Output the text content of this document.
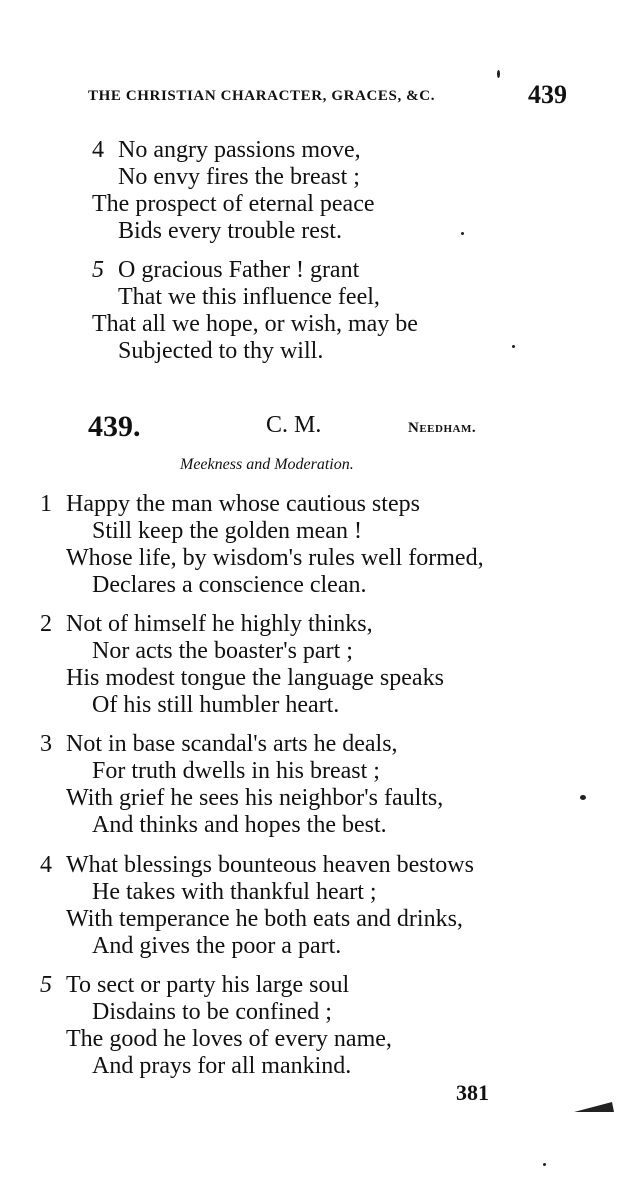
THE CHRISTIAN CHARACTER, GRACES, &C.	439
4 No angry passions move,
No envy fires the breast ;
The prospect of eternal peace
Bids every trouble rest.
5 O gracious Father ! grant
That we this influence feel,
That all we hope, or wish, may be
Subjected to thy will.
439.	C. M.	Needham.
Meekness and Moderation.
1 Happy the man whose cautious steps
Still keep the golden mean !
Whose life, by wisdom's rules well formed,
Declares a conscience clean.
2 Not of himself he highly thinks,
Nor acts the boaster's part ;
His modest tongue the language speaks
Of his still humbler heart.
3 Not in base scandal's arts he deals,
For truth dwells in his breast ;
With grief he sees his neighbor's faults,
And thinks and hopes the best.
4 What blessings bounteous heaven bestows
He takes with thankful heart ;
With temperance he both eats and drinks,
And gives the poor a part.
5 To sect or party his large soul
Disdains to be confined ;
The good he loves of every name,
And prays for all mankind.
381
